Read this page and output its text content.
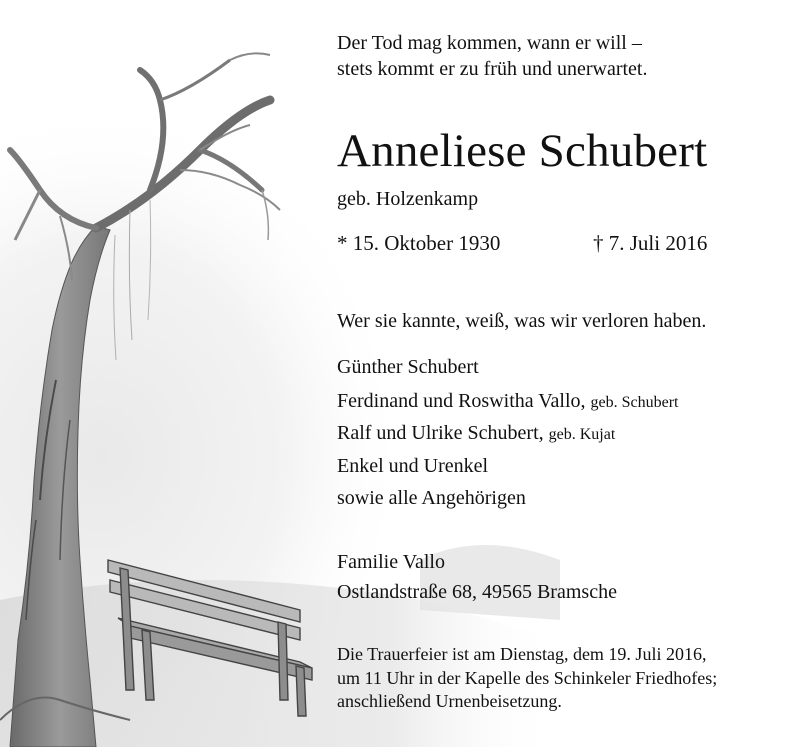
Der Tod mag kommen, wann er will –
stets kommt er zu früh und unerwartet.
Anneliese Schubert
geb. Holzenkamp
* 15. Oktober 1930	† 7. Juli 2016
Wer sie kannte, weiß, was wir verloren haben.
Günther Schubert
Ferdinand und Roswitha Vallo, geb. Schubert
Ralf und Ulrike Schubert, geb. Kujat
Enkel und Urenkel
sowie alle Angehörigen
Familie Vallo
Ostlandstraße 68, 49565 Bramsche
Die Trauerfeier ist am Dienstag, dem 19. Juli 2016,
um 11 Uhr in der Kapelle des Schinkeler Friedhofes;
anschließend Urnenbeisetzung.
